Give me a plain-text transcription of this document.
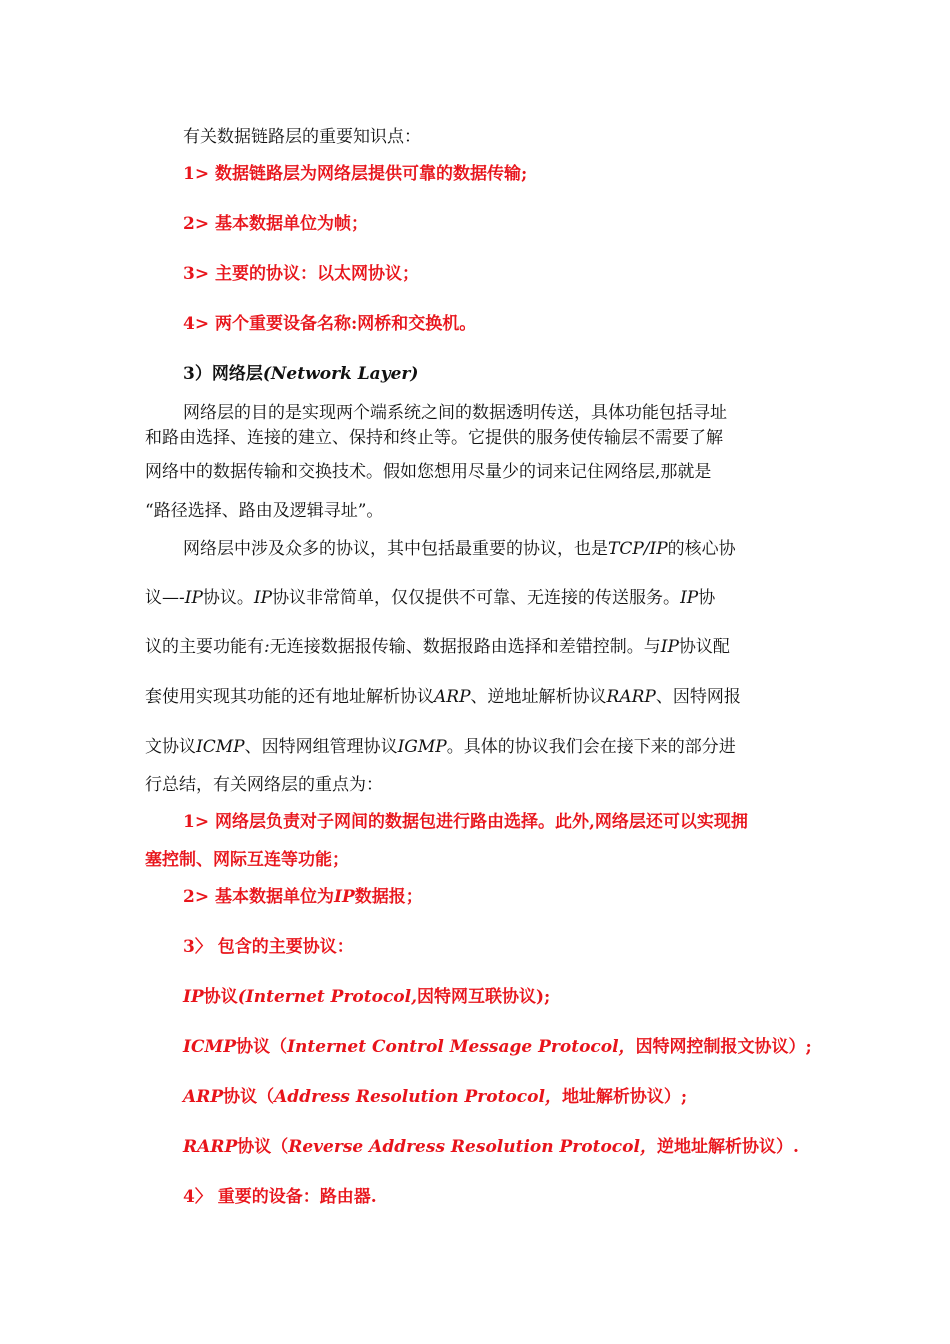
有关数据链路层的重要知识点：
1> 数据链路层为网络层提供可靠的数据传输;
2> 基本数据单位为帧；
3> 主要的协议：以太网协议；
4> 两个重要设备名称:网桥和交换机。
3）网络层(Network Layer)
网络层的目的是实现两个端系统之间的数据透明传送，具体功能包括寻址
和路由选择、连接的建立、保持和终止等。它提供的服务使传输层不需要了解
网络中的数据传输和交换技术。假如您想用尽量少的词来记住网络层,那就是
“路径选择、路由及逻辑寻址”。
网络层中涉及众多的协议，其中包括最重要的协议，也是TCP/IP的核心协
议—-IP协议。IP协议非常简单，仅仅提供不可靠、无连接的传送服务。IP协
议的主要功能有:无连接数据报传输、数据报路由选择和差错控制。与IP协议配
套使用实现其功能的还有地址解析协议ARP、逆地址解析协议RARP、因特网报
文协议ICMP、因特网组管理协议IGMP。具体的协议我们会在接下来的部分进
行总结，有关网络层的重点为：
1> 网络层负责对子网间的数据包进行路由选择。此外,网络层还可以实现拥
塞控制、网际互连等功能；
2> 基本数据单位为IP数据报；
3〉 包含的主要协议：
IP协议(Internet Protocol,因特网互联协议);
ICMP协议（Internet Control Message Protocol，因特网控制报文协议）;
ARP协议（Address Resolution Protocol，地址解析协议）;
RARP协议（Reverse Address Resolution Protocol，逆地址解析协议）.
4〉 重要的设备：路由器.
